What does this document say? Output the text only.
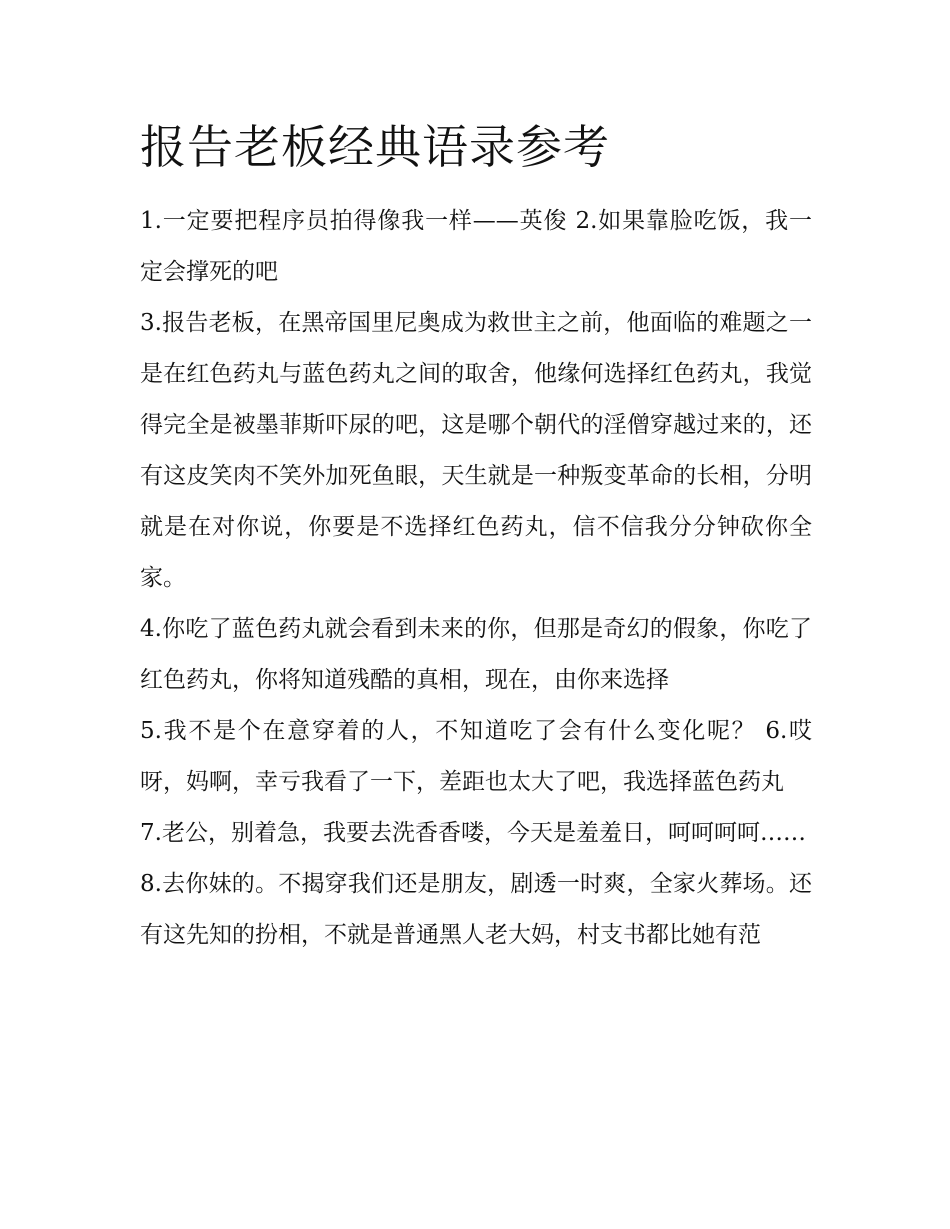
报告老板经典语录参考

1.一定要把程序员拍得像我一样——英俊 2.如果靠脸吃饭，我一定会撑死的吧

3.报告老板，在黑帝国里尼奥成为救世主之前，他面临的难题之一是在红色药丸与蓝色药丸之间的取舍，他缘何选择红色药丸，我觉得完全是被墨菲斯吓尿的吧，这是哪个朝代的淫僧穿越过来的，还有这皮笑肉不笑外加死鱼眼，天生就是一种叛变革命的长相，分明就是在对你说，你要是不选择红色药丸，信不信我分分钟砍你全家。

4.你吃了蓝色药丸就会看到未来的你，但那是奇幻的假象，你吃了红色药丸，你将知道残酷的真相，现在，由你来选择

5.我不是个在意穿着的人，不知道吃了会有什么变化呢？ 6.哎呀，妈啊，幸亏我看了一下，差距也太大了吧，我选择蓝色药丸

7.老公，别着急，我要去洗香香喽，今天是羞羞日，呵呵呵呵……

8.去你妹的。不揭穿我们还是朋友，剧透一时爽，全家火葬场。还有这先知的扮相，不就是普通黑人老大妈，村支书都比她有范
